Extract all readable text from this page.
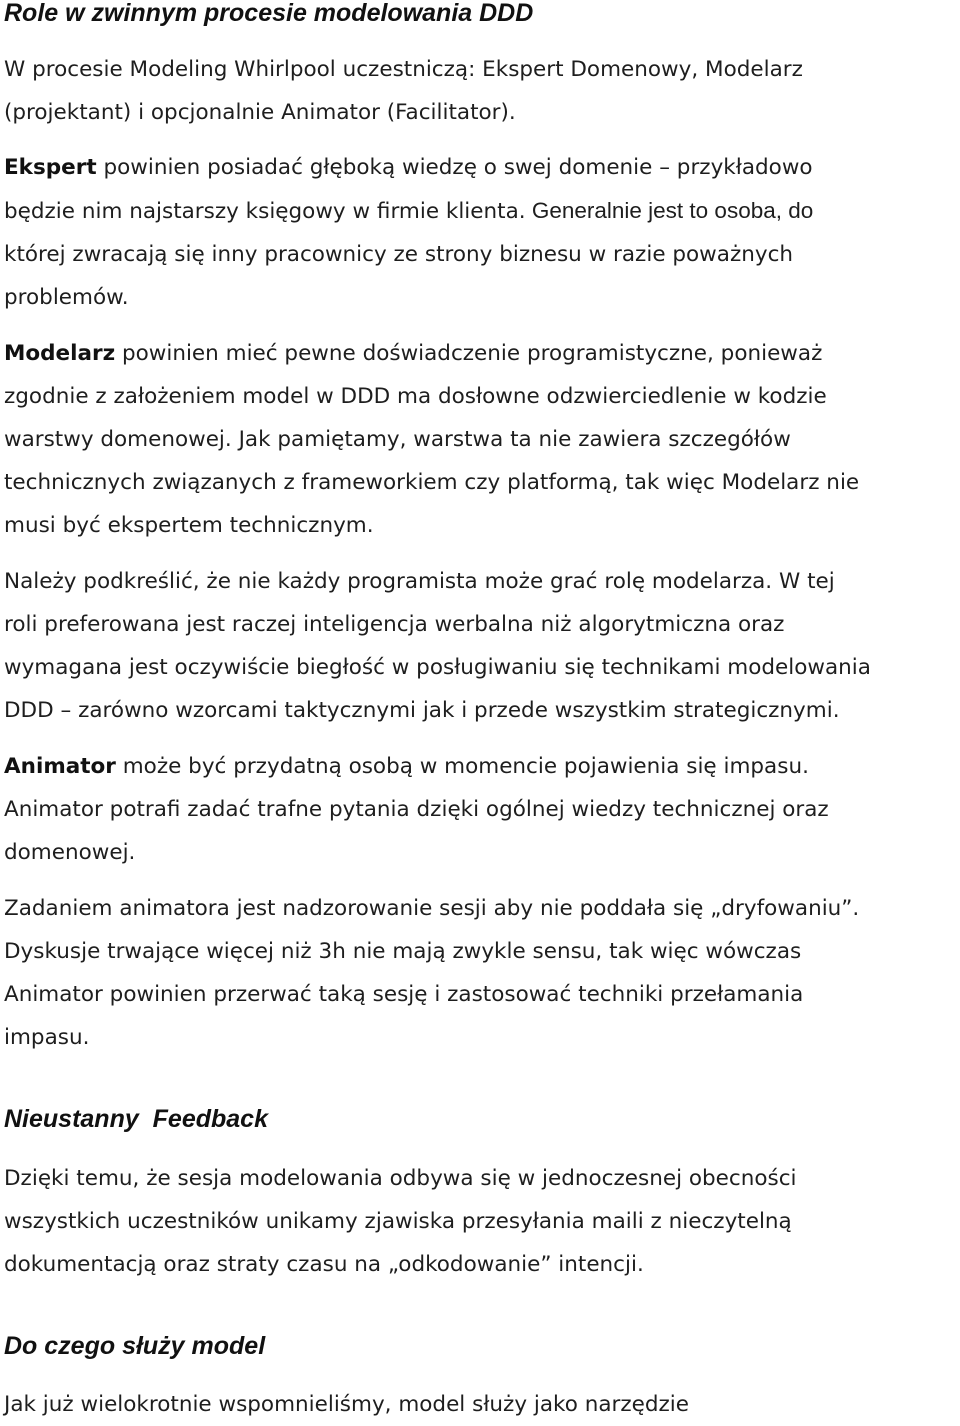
Role w zwinnym procesie modelowania DDD

W procesie Modeling Whirlpool uczestniczą: Ekspert Domenowy, Modelarz
(projektant) i opcjonalnie Animator (Facilitator).

Ekspert powinien posiadać głęboką wiedzę o swej domenie – przykładowo
będzie nim najstarszy księgowy w firmie klienta. Generalnie jest to osoba, do
której zwracają się inny pracownicy ze strony biznesu w razie poważnych
problemów.

Modelarz powinien mieć pewne doświadczenie programistyczne, ponieważ
zgodnie z założeniem model w DDD ma dosłowne odzwierciedlenie w kodzie
warstwy domenowej. Jak pamiętamy, warstwa ta nie zawiera szczegółów
technicznych związanych z frameworkiem czy platformą, tak więc Modelarz nie
musi być ekspertem technicznym.

Należy podkreślić, że nie każdy programista może grać rolę modelarza. W tej
roli preferowana jest raczej inteligencja werbalna niż algorytmiczna oraz
wymagana jest oczywiście biegłość w posługiwaniu się technikami modelowania
DDD – zarówno wzorcami taktycznymi jak i przede wszystkim strategicznymi.

Animator może być przydatną osobą w momencie pojawienia się impasu.
Animator potrafi zadać trafne pytania dzięki ogólnej wiedzy technicznej oraz
domenowej.

Zadaniem animatora jest nadzorowanie sesji aby nie poddała się „dryfowaniu”.
Dyskusje trwające więcej niż 3h nie mają zwykle sensu, tak więc wówczas
Animator powinien przerwać taką sesję i zastosować techniki przełamania
impasu.

Nieustanny  Feedback

Dzięki temu, że sesja modelowania odbywa się w jednoczesnej obecności
wszystkich uczestników unikamy zjawiska przesyłania maili z nieczytelną
dokumentacją oraz straty czasu na „odkodowanie” intencji.

Do czego służy model

Jak już wielokrotnie wspomnieliśmy, model służy jako narzędzie
